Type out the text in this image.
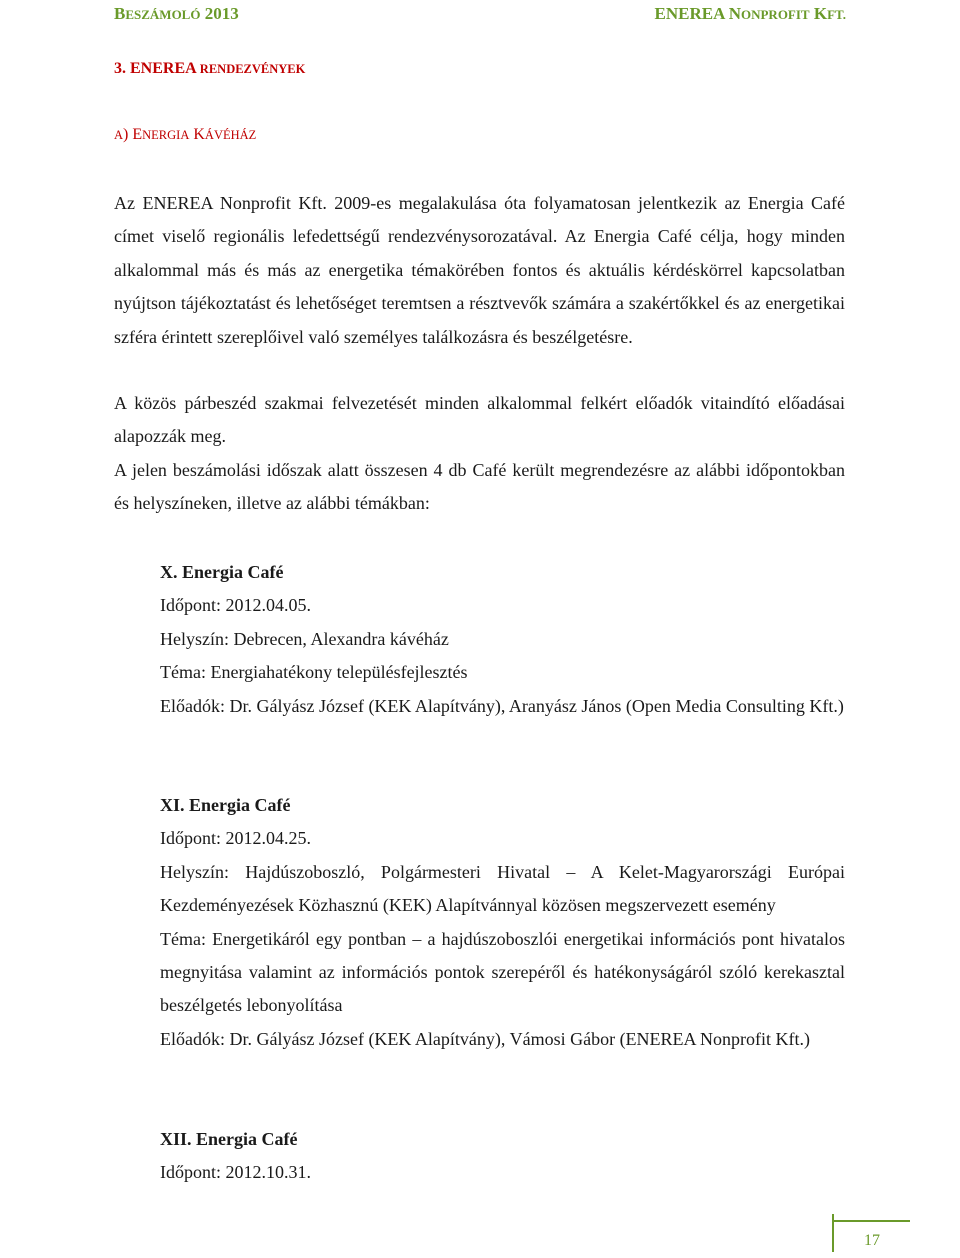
BESZÁMOLÓ 2013	ENEREA NONPROFIT KFT.
3. ENEREA RENDEZVÉNYEK
A) ENERGIA KÁVÉHÁZ

Az ENEREA Nonprofit Kft. 2009-es megalakulása óta folyamatosan jelentkezik az Energia Café címet viselő regionális lefedettségű rendezvénysorozatával. Az Energia Café célja, hogy minden alkalommal más és más az energetika témakörében fontos és aktuális kérdéskörrel kapcsolatban nyújtson tájékoztatást és lehetőséget teremtsen a résztvevők számára a szakértőkkel és az energetikai szféra érintett szereplőivel való személyes találkozásra és beszélgetésre.

A közös párbeszéd szakmai felvezetését minden alkalommal felkért előadók vitaindító előadásai alapozzák meg.

A jelen beszámolási időszak alatt összesen 4 db Café került megrendezésre az alábbi időpontokban és helyszíneken, illetve az alábbi témákban:

X. Energia Café
Időpont: 2012.04.05.
Helyszín: Debrecen, Alexandra kávéház
Téma: Energiahatékony településfejlesztés
Előadók: Dr. Gályász József (KEK Alapítvány), Aranyász János (Open Media Consulting Kft.)
XI. Energia Café
Időpont: 2012.04.25.
Helyszín: Hajdúszoboszló, Polgármesteri Hivatal – A Kelet-Magyarországi Európai Kezdeményezések Közhasznú (KEK) Alapítvánnyal közösen megszervezett esemény
Téma: Energetikáról egy pontban – a hajdúszoboszlói energetikai információs pont hivatalos megnyitása valamint az információs pontok szerepéről és hatékonyságáról szóló kerekasztal beszélgetés lebonyolítása
Előadók: Dr. Gályász József (KEK Alapítvány), Vámosi Gábor (ENEREA Nonprofit Kft.)
XII. Energia Café
Időpont: 2012.10.31.
17
